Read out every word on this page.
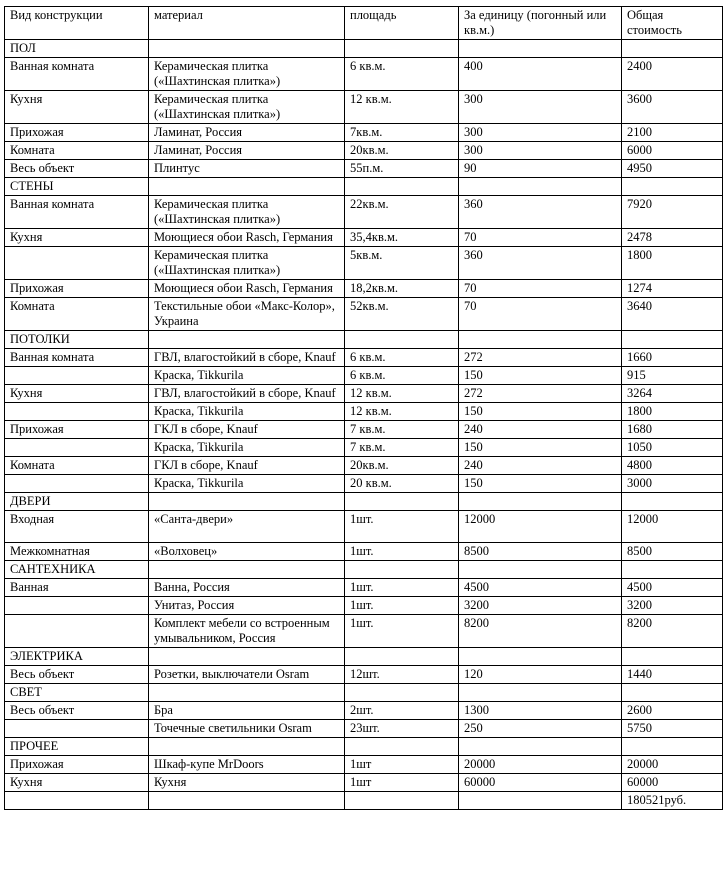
Вид конструкции	материал	площадь	За единицу (погонный или кв.м.)	Общая стоимость
ПОЛ				
Ванная комната	Керамическая плитка («Шахтинская плитка»)	6 кв.м.	400	2400
Кухня	Керамическая плитка («Шахтинская плитка»)	12 кв.м.	300	3600
Прихожая	Ламинат, Россия	7кв.м.	300	2100
Комната	Ламинат, Россия	20кв.м.	300	6000
Весь объект	Плинтус	55п.м.	90	4950
СТЕНЫ				
Ванная комната	Керамическая плитка («Шахтинская плитка»)	22кв.м.	360	7920
Кухня	Моющиеся обои Rasch, Германия	35,4кв.м.	70	2478
	Керамическая плитка («Шахтинская плитка»)	5кв.м.	360	1800
Прихожая	Моющиеся обои Rasch, Германия	18,2кв.м.	70	1274
Комната	Текстильные обои «Макс-Колор», Украина	52кв.м.	70	3640
ПОТОЛКИ				
Ванная комната	ГВЛ, влагостойкий в сборе, Knauf	6 кв.м.	272	1660
	Краска, Tikkurila	6 кв.м.	150	915
Кухня	ГВЛ, влагостойкий в сборе, Knauf	12 кв.м.	272	3264
	Краска, Tikkurila	12 кв.м.	150	1800
Прихожая	ГКЛ в сборе, Knauf	7 кв.м.	240	1680
	Краска, Tikkurila	7 кв.м.	150	1050
Комната	ГКЛ в сборе, Knauf	20кв.м.	240	4800
	Краска, Tikkurila	20 кв.м.	150	3000
ДВЕРИ				
Входная	«Санта-двери»	1шт.	12000	12000
Межкомнатная	«Волховец»	1шт.	8500	8500
САНТЕХНИКА				
Ванная	Ванна, Россия	1шт.	4500	4500
	Унитаз, Россия	1шт.	3200	3200
	Комплект мебели со встроенным умывальником, Россия	1шт.	8200	8200
ЭЛЕКТРИКА				
Весь объект	Розетки, выключатели Osram	12шт.	120	1440
СВЕТ				
Весь объект	Бра	2шт.	1300	2600
	Точечные светильники Osram	23шт.	250	5750
ПРОЧЕЕ				
Прихожая	Шкаф-купе MrDoors	1шт	20000	20000
Кухня	Кухня	1шт	60000	60000
				180521руб.
